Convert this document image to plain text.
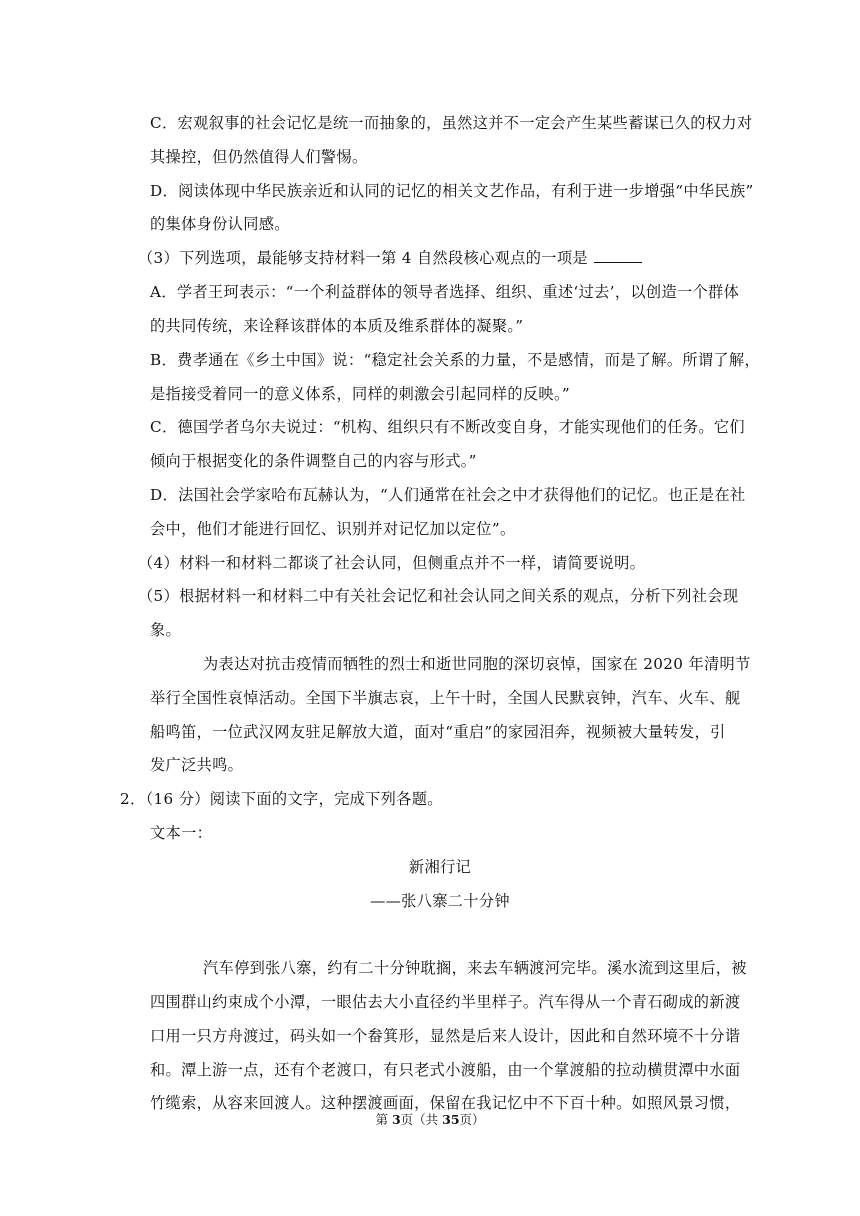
C．宏观叙事的社会记忆是统一而抽象的，虽然这并不一定会产生某些蓄谋已久的权力对
其操控，但仍然值得人们警惕。
D．阅读体现中华民族亲近和认同的记忆的相关文艺作品，有利于进一步增强“中华民族”
的集体身份认同感。
（3）下列选项，最能够支持材料一第 4 自然段核心观点的一项是
A．学者王珂表示：“一个利益群体的领导者选择、组织、重述‘过去’，以创造一个群体
的共同传统，来诠释该群体的本质及维系群体的凝聚。”
B．费孝通在《乡土中国》说：“稳定社会关系的力量，不是感情，而是了解。所谓了解，
是指接受着同一的意义体系，同样的刺激会引起同样的反映。”
C．德国学者乌尔夫说过：“机构、组织只有不断改变自身，才能实现他们的任务。它们
倾向于根据变化的条件调整自己的内容与形式。”
D．法国社会学家哈布瓦赫认为，“人们通常在社会之中才获得他们的记忆。也正是在社
会中，他们才能进行回忆、识别并对记忆加以定位”。
（4）材料一和材料二都谈了社会认同，但侧重点并不一样，请简要说明。
（5）根据材料一和材料二中有关社会记忆和社会认同之间关系的观点，分析下列社会现
象。
为表达对抗击疫情而牺牲的烈士和逝世同胞的深切哀悼，国家在 2020 年清明节
举行全国性哀悼活动。全国下半旗志哀，上午十时，全国人民默哀钟，汽车、火车、舰
船鸣笛，一位武汉网友驻足解放大道，面对“重启”的家园泪奔，视频被大量转发，引
发广泛共鸣。
2．（16 分）阅读下面的文字，完成下列各题。
文本一：
新湘行记
——张八寨二十分钟
汽车停到张八寨，约有二十分钟耽搁，来去车辆渡河完毕。溪水流到这里后，被
四围群山约束成个小潭，一眼估去大小直径约半里样子。汽车得从一个青石砌成的新渡
口用一只方舟渡过，码头如一个畚箕形，显然是后来人设计，因此和自然环境不十分谐
和。潭上游一点，还有个老渡口，有只老式小渡船，由一个掌渡船的拉动横贯潭中水面
竹缆索，从容来回渡人。这种摆渡画面，保留在我记忆中不下百十种。如照风景习惯，
第 3页（共 35页）
